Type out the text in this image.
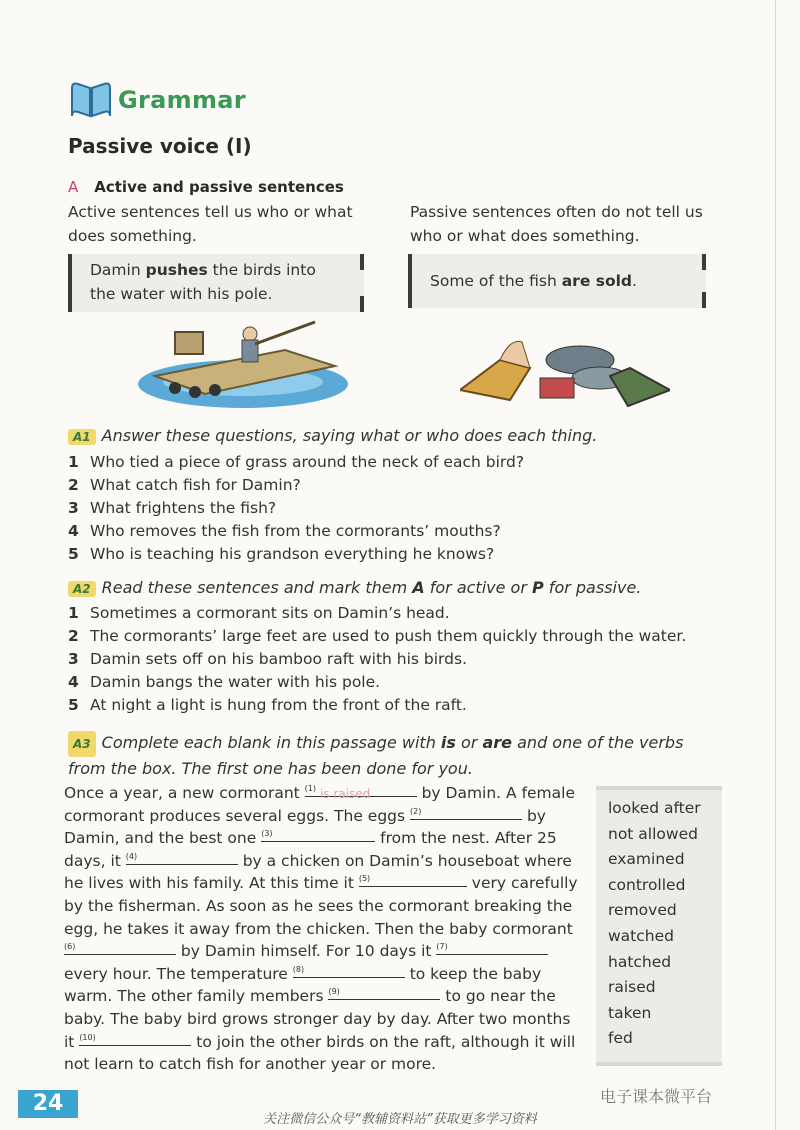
Grammar
Passive voice (I)
A Active and passive sentences
Active sentences tell us who or what does something.
Passive sentences often do not tell us who or what does something.
Damin pushes the birds into the water with his pole.
Some of the fish are sold.
A1 Answer these questions, saying what or who does each thing.
1 Who tied a piece of grass around the neck of each bird?
2 What catch fish for Damin?
3 What frightens the fish?
4 Who removes the fish from the cormorants’ mouths?
5 Who is teaching his grandson everything he knows?
A2 Read these sentences and mark them A for active or P for passive.
1 Sometimes a cormorant sits on Damin’s head.
2 The cormorants’ large feet are used to push them quickly through the water.
3 Damin sets off on his bamboo raft with his birds.
4 Damin bangs the water with his pole.
5 At night a light is hung from the front of the raft.
A3 Complete each blank in this passage with is or are and one of the verbs from the box. The first one has been done for you.
Once a year, a new cormorant $^{(1)}$ is raised	by Damin. A female
cormorant produces several eggs. The eggs $^{(2)}$	by
Damin, and the best one $^{(3)}$	from the nest. After 25
days, it $^{(4)}$	by a chicken on Damin’s houseboat where
he lives with his family. At this time it $^{(5)}$	very carefully
by the fisherman. As soon as he sees the cormorant breaking the
egg, he takes it away from the chicken. Then the baby cormorant
$^{(6)}$	by Damin himself. For 10 days it $^{(7)}$
every hour. The temperature $^{(8)}$	to keep the baby
warm. The other family members $^{(9)}$	to go near the
baby. The baby bird grows stronger day by day. After two months
it $^{(10)}$	to join the other birds on the raft, although it will
not learn to catch fish for another year or more.
looked after
not allowed
examined
controlled
removed
watched
hatched
raised
taken
fed
24	电子课本微平台
关注微信公众号“教辅资料站”获取更多学习资料
